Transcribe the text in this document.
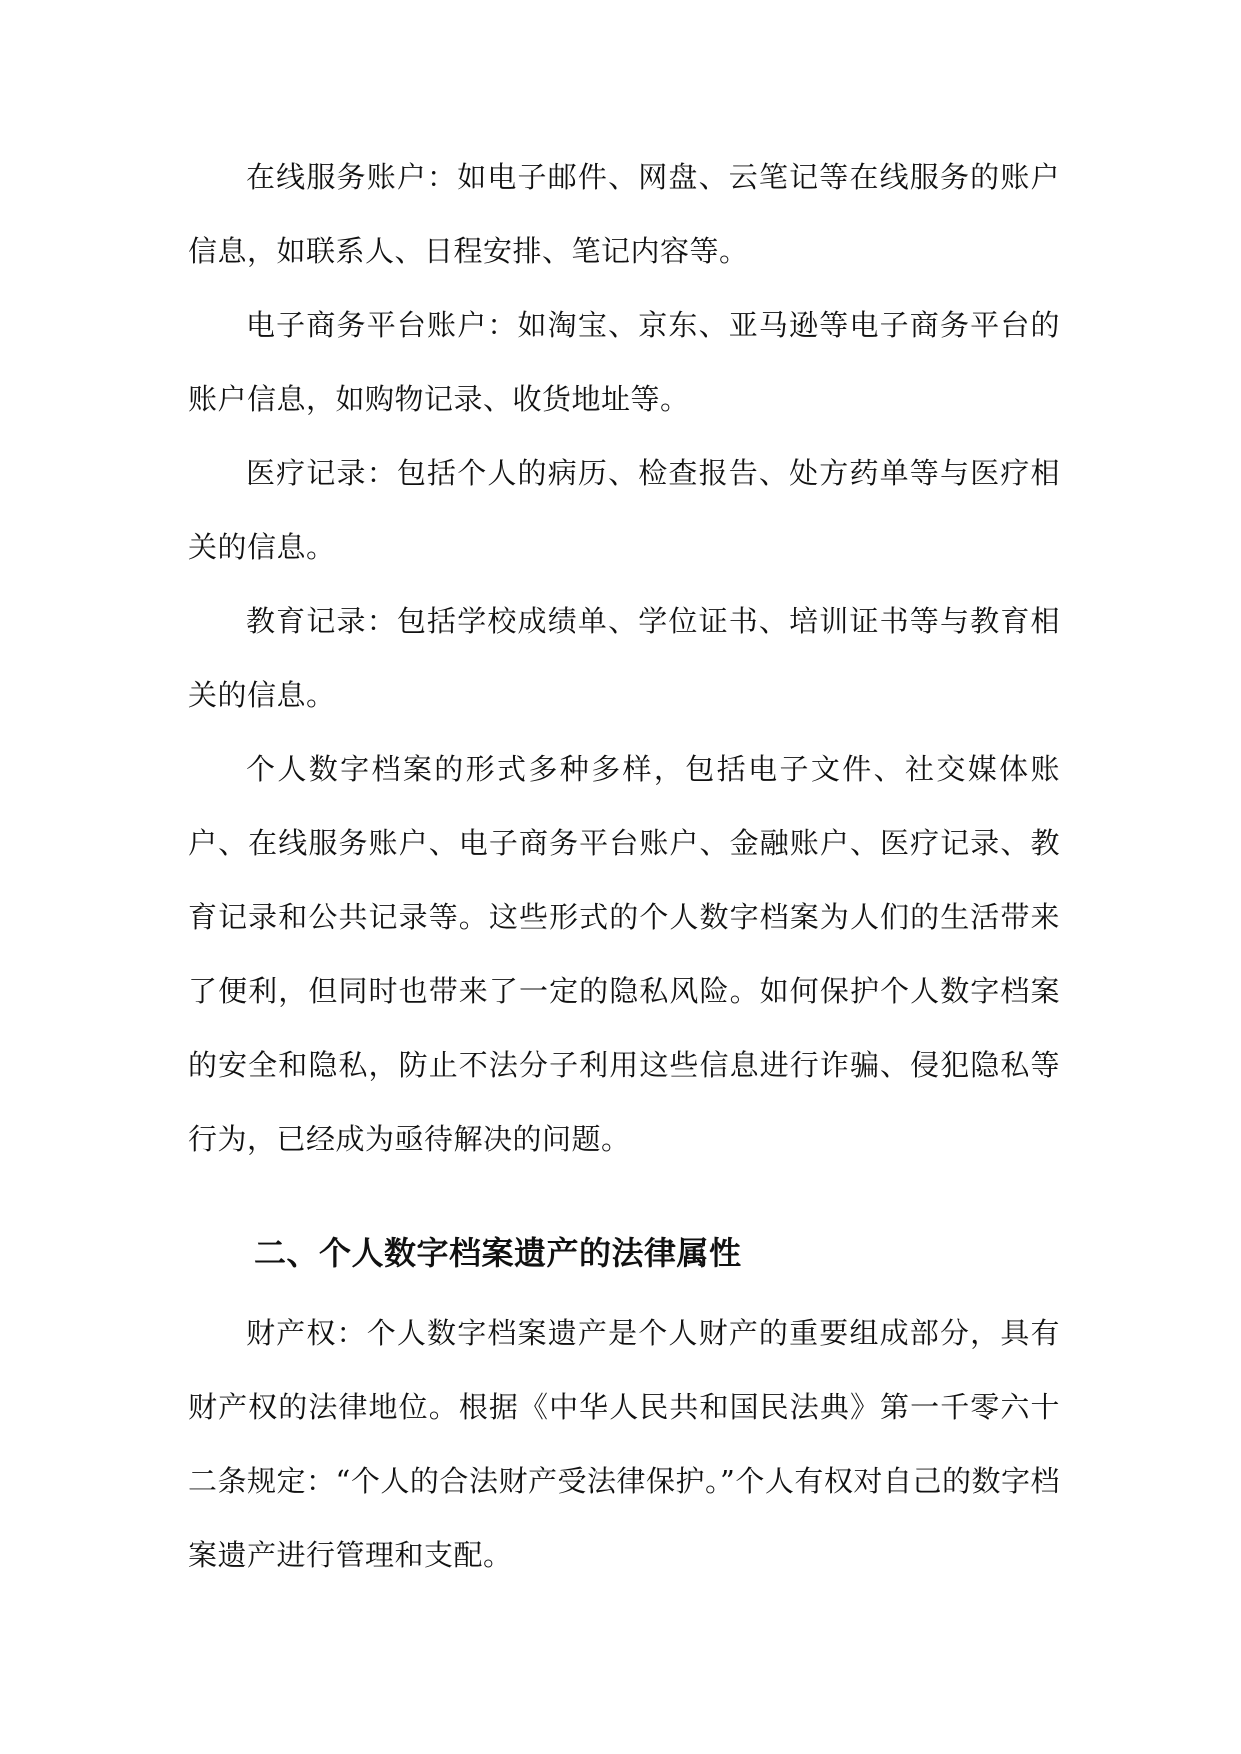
在线服务账户：如电子邮件、网盘、云笔记等在线服务的账户信息，如联系人、日程安排、笔记内容等。

电子商务平台账户：如淘宝、京东、亚马逊等电子商务平台的账户信息，如购物记录、收货地址等。

医疗记录：包括个人的病历、检查报告、处方药单等与医疗相关的信息。

教育记录：包括学校成绩单、学位证书、培训证书等与教育相关的信息。

个人数字档案的形式多种多样，包括电子文件、社交媒体账户、在线服务账户、电子商务平台账户、金融账户、医疗记录、教育记录和公共记录等。这些形式的个人数字档案为人们的生活带来了便利，但同时也带来了一定的隐私风险。如何保护个人数字档案的安全和隐私，防止不法分子利用这些信息进行诈骗、侵犯隐私等行为，已经成为亟待解决的问题。

二、个人数字档案遗产的法律属性

财产权：个人数字档案遗产是个人财产的重要组成部分，具有财产权的法律地位。根据《中华人民共和国民法典》第一千零六十二条规定：“个人的合法财产受法律保护。”个人有权对自己的数字档案遗产进行管理和支配。
